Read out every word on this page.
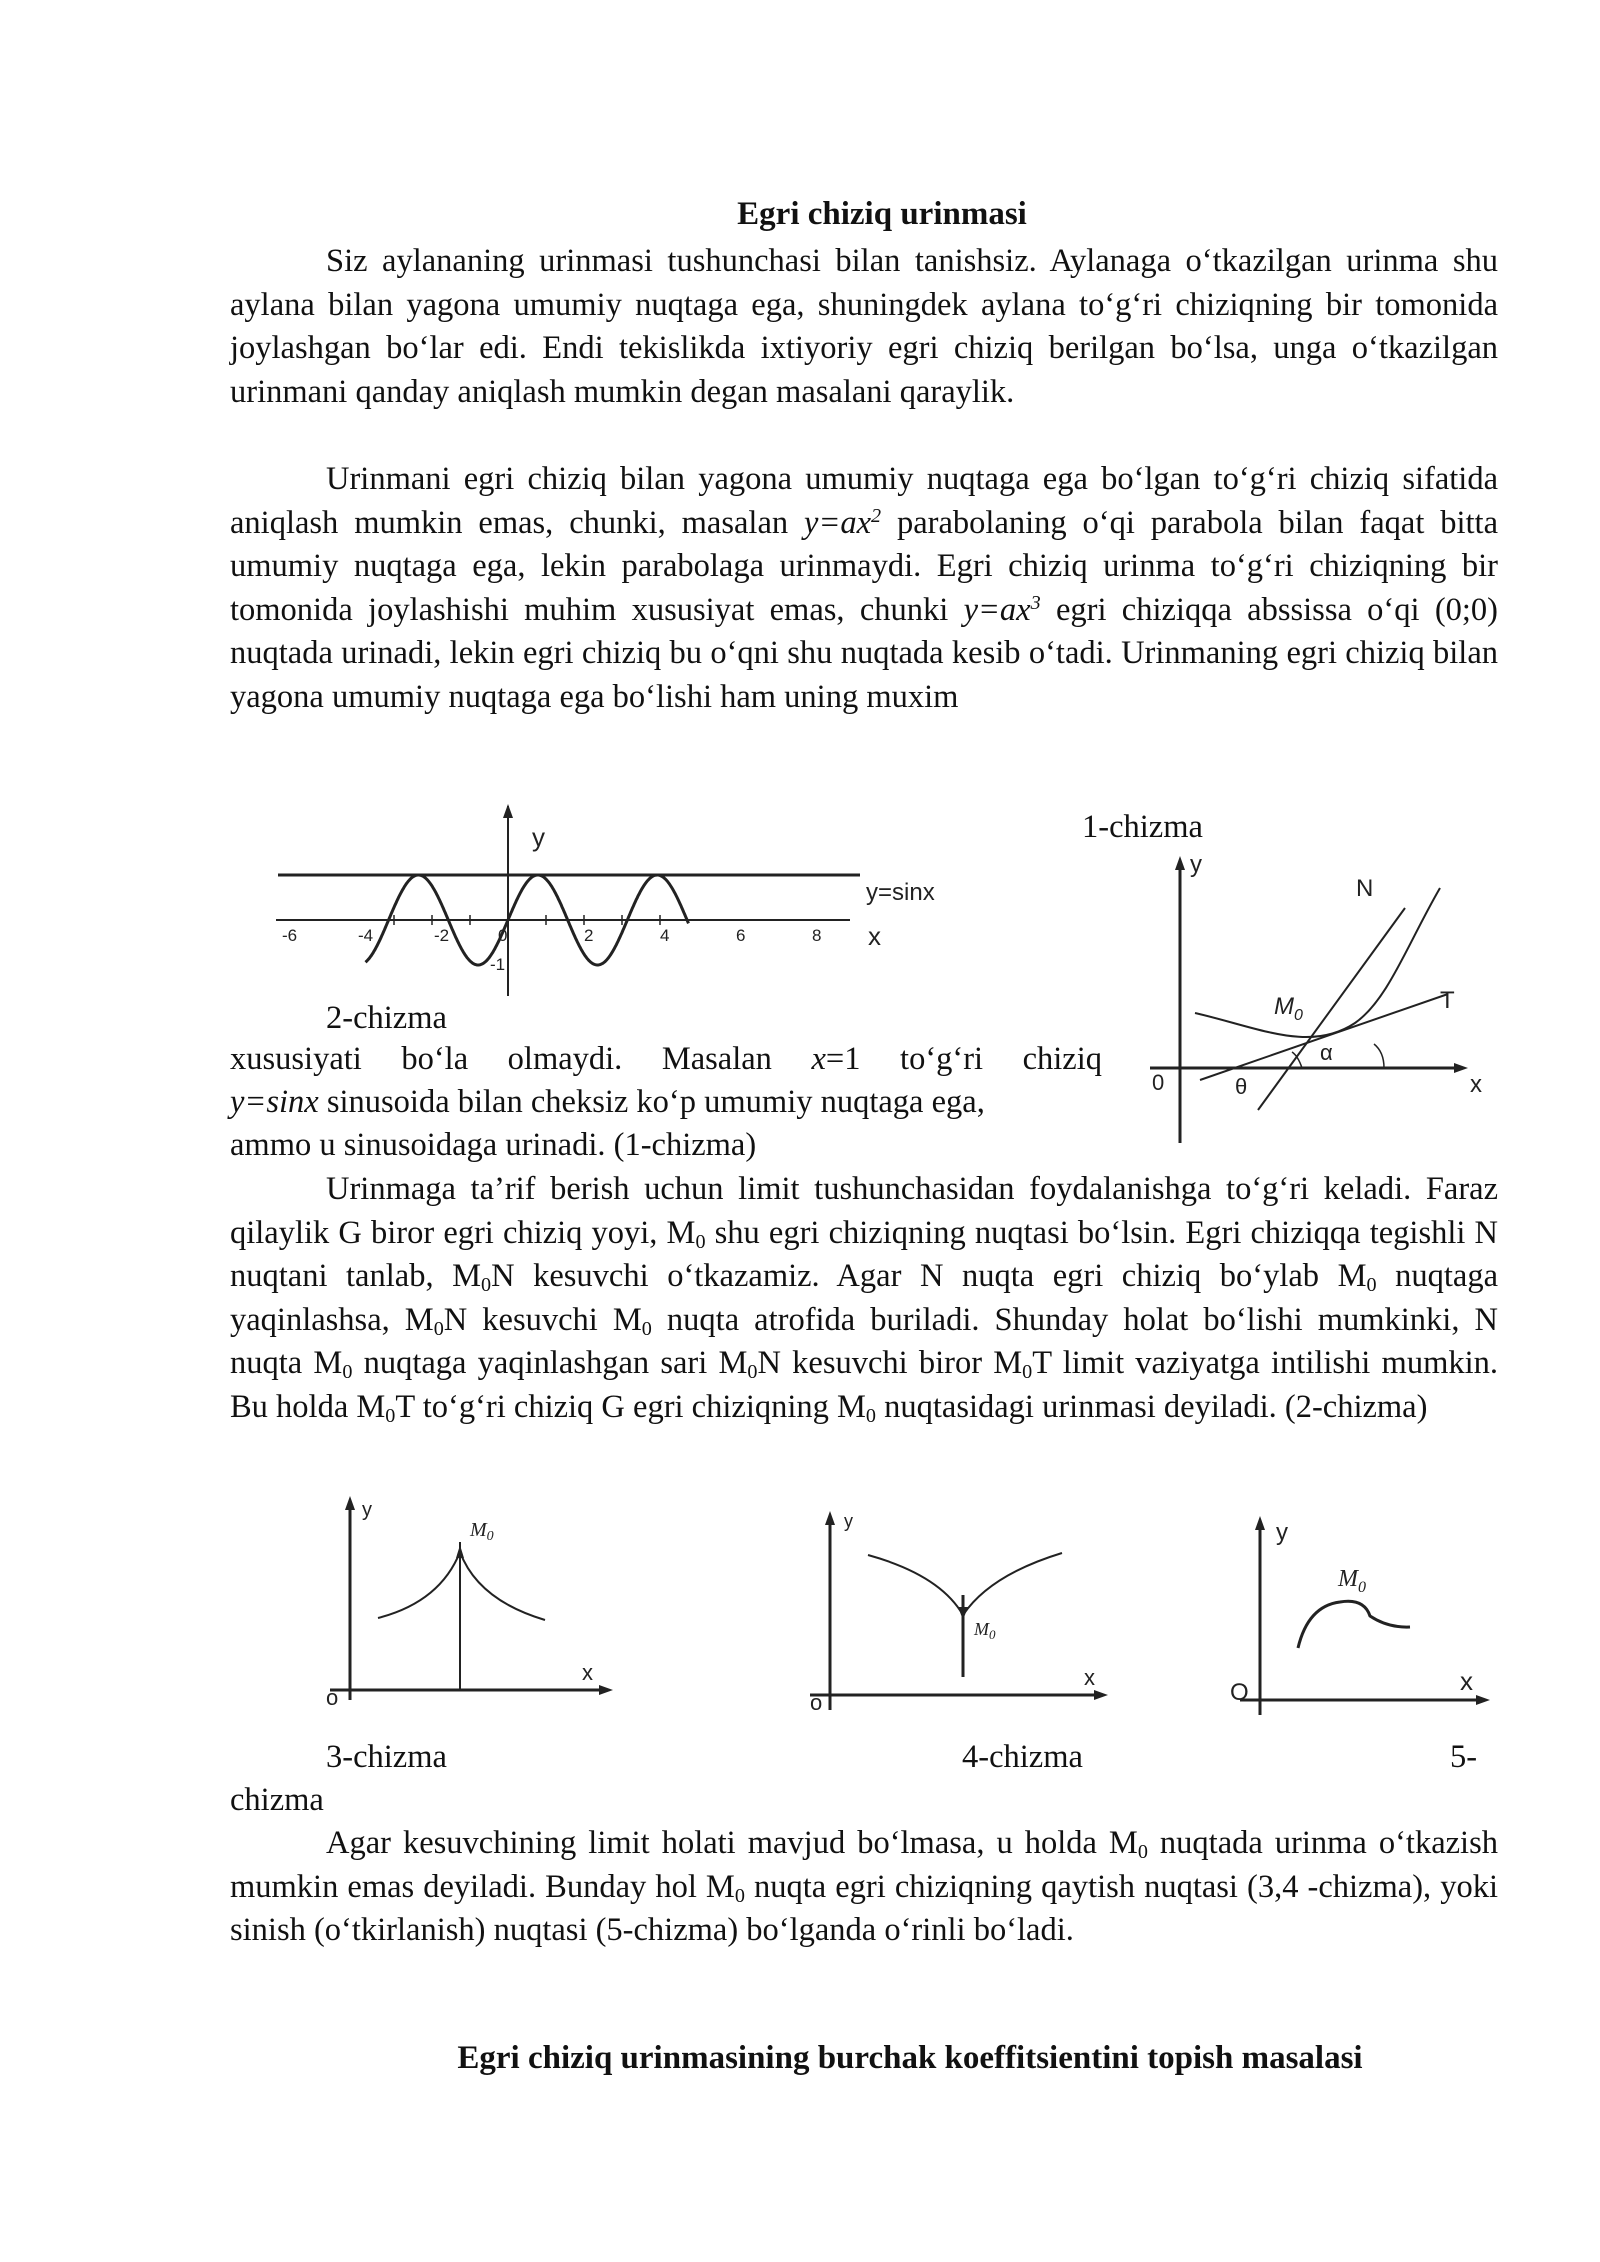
Egri chiziq urinmasi

Siz aylananing urinmasi tushunchasi bilan tanishsiz. Aylanaga o‘tkazilgan urinma shu aylana bilan yagona umumiy nuqtaga ega, shuningdek aylana to‘g‘ri chiziqning bir tomonida joylashgan bo‘lar edi. Endi tekislikda ixtiyoriy egri chiziq berilgan bo‘lsa, unga o‘tkazilgan urinmani qanday aniqlash mumkin degan masalani qaraylik.

Urinmani egri chiziq bilan yagona umumiy nuqtaga ega bo‘lgan to‘g‘ri chiziq sifatida aniqlash mumkin emas, chunki, masalan $y=ax^2$ parabolaning o‘qi parabola bilan faqat bitta umumiy nuqtaga ega, lekin parabolaga urinmaydi. Egri chiziq urinma to‘g‘ri chiziqning bir tomonida joylashishi muhim xususiyat emas, chunki $y=ax^3$ egri chiziqqa abssissa o‘qi (0;0) nuqtada urinadi, lekin egri chiziq bu o‘qni shu nuqtada kesib o‘tadi. Urinmaning egri chiziq bilan yagona umumiy nuqtaga ega bo‘lishi ham uning muxim

y
x
y=sinx
-6	-4	-2	0	2	4	6	8
-1
1-chizma
2-chizma
y
x
0
N
T
$M_0$
α
θ
xususiyati bo‘la olmaydi. Masalan x=1 to‘g‘ri chiziq
y=sinx sinusoida bilan cheksiz ko‘p umumiy nuqtaga ega,
ammo u sinusoidaga urinadi. (1-chizma)

Urinmaga ta’rif berish uchun limit tushunchasidan foydalanishga to‘g‘ri keladi. Faraz qilaylik G biror egri chiziq yoyi, $M_0$ shu egri chiziqning nuqtasi bo‘lsin. Egri chiziqqa tegishli N nuqtani tanlab, $M_0N$ kesuvchi o‘tkazamiz. Agar N nuqta egri chiziq bo‘ylab $M_0$ nuqtaga yaqinlashsa, $M_0N$ kesuvchi $M_0$ nuqta atrofida buriladi. Shunday holat bo‘lishi mumkinki, N nuqta $M_0$ nuqtaga yaqinlashgan sari $M_0N$ kesuvchi biror $M_0T$ limit vaziyatga intilishi mumkin. Bu holda $M_0T$ to‘g‘ri chiziq G egri chiziqning $M_0$ nuqtasidagi urinmasi deyiladi. (2-chizma)

y
x
o
$M_0$
y
x
o
$M_0$
y
x
O
$M_0$
3-chizma	4-chizma	5-
chizma

Agar kesuvchining limit holati mavjud bo‘lmasa, u holda $M_0$ nuqtada urinma o‘tkazish mumkin emas deyiladi. Bunday hol $M_0$ nuqta egri chiziqning qaytish nuqtasi (3,4 -chizma), yoki sinish (o‘tkirlanish) nuqtasi (5-chizma) bo‘lganda o‘rinli bo‘ladi.

Egri chiziq urinmasining burchak koeffitsientini topish masalasi
